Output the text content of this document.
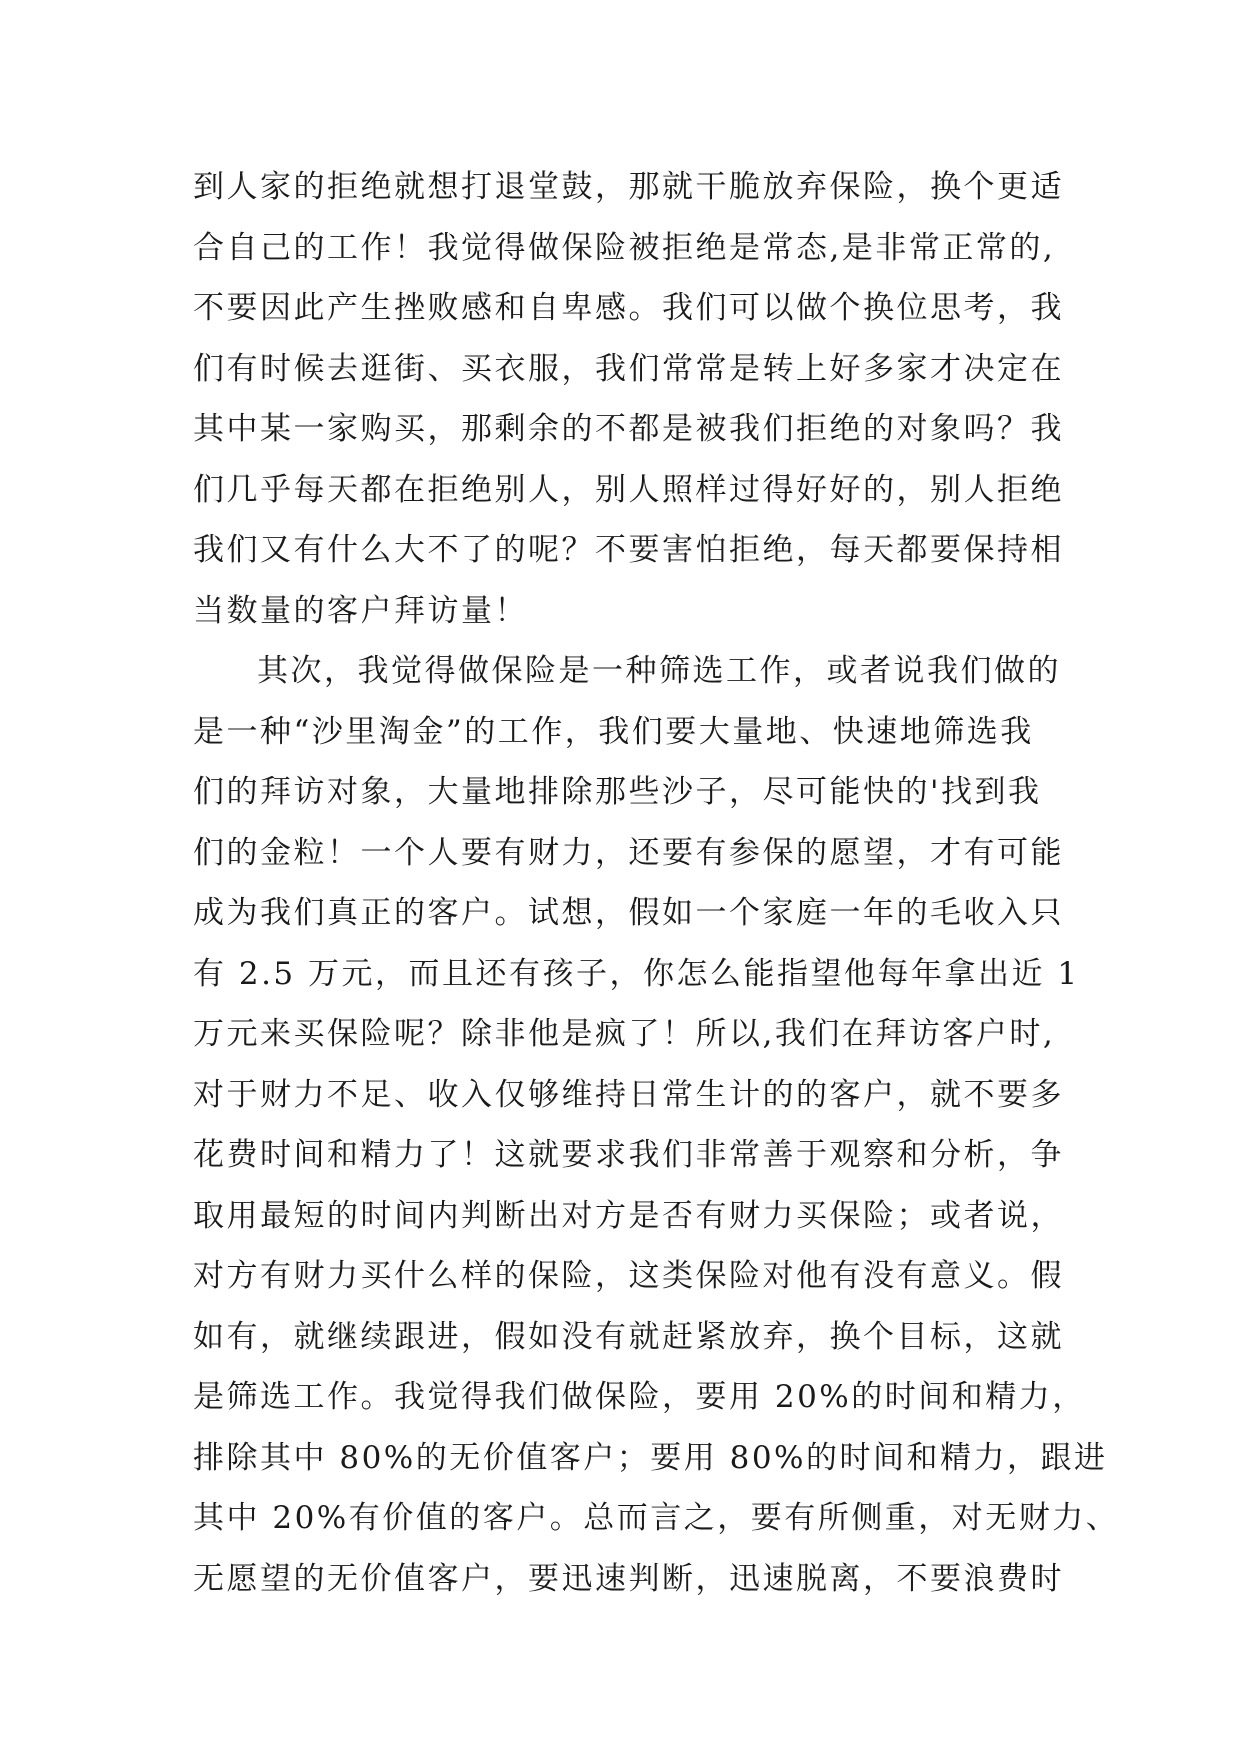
到人家的拒绝就想打退堂鼓，那就干脆放弃保险，换个更适
合自己的工作！我觉得做保险被拒绝是常态,是非常正常的,
不要因此产生挫败感和自卑感。我们可以做个换位思考，我
们有时候去逛街、买衣服，我们常常是转上好多家才决定在
其中某一家购买，那剩余的不都是被我们拒绝的对象吗？我
们几乎每天都在拒绝别人，别人照样过得好好的，别人拒绝
我们又有什么大不了的呢？不要害怕拒绝，每天都要保持相
当数量的客户拜访量！
其次，我觉得做保险是一种筛选工作，或者说我们做的
是一种“沙里淘金”的工作，我们要大量地、快速地筛选我
们的拜访对象，大量地排除那些沙子，尽可能快的'找到我
们的金粒！一个人要有财力，还要有参保的愿望，才有可能
成为我们真正的客户。试想，假如一个家庭一年的毛收入只
有 2.5 万元，而且还有孩子，你怎么能指望他每年拿出近 1
万元来买保险呢？除非他是疯了！所以,我们在拜访客户时,
对于财力不足、收入仅够维持日常生计的的客户，就不要多
花费时间和精力了！这就要求我们非常善于观察和分析，争
取用最短的时间内判断出对方是否有财力买保险；或者说，
对方有财力买什么样的保险，这类保险对他有没有意义。假
如有，就继续跟进，假如没有就赶紧放弃，换个目标，这就
是筛选工作。我觉得我们做保险，要用 20%的时间和精力，
排除其中 80%的无价值客户；要用 80%的时间和精力，跟进
其中 20%有价值的客户。总而言之，要有所侧重，对无财力、
无愿望的无价值客户，要迅速判断，迅速脱离，不要浪费时
